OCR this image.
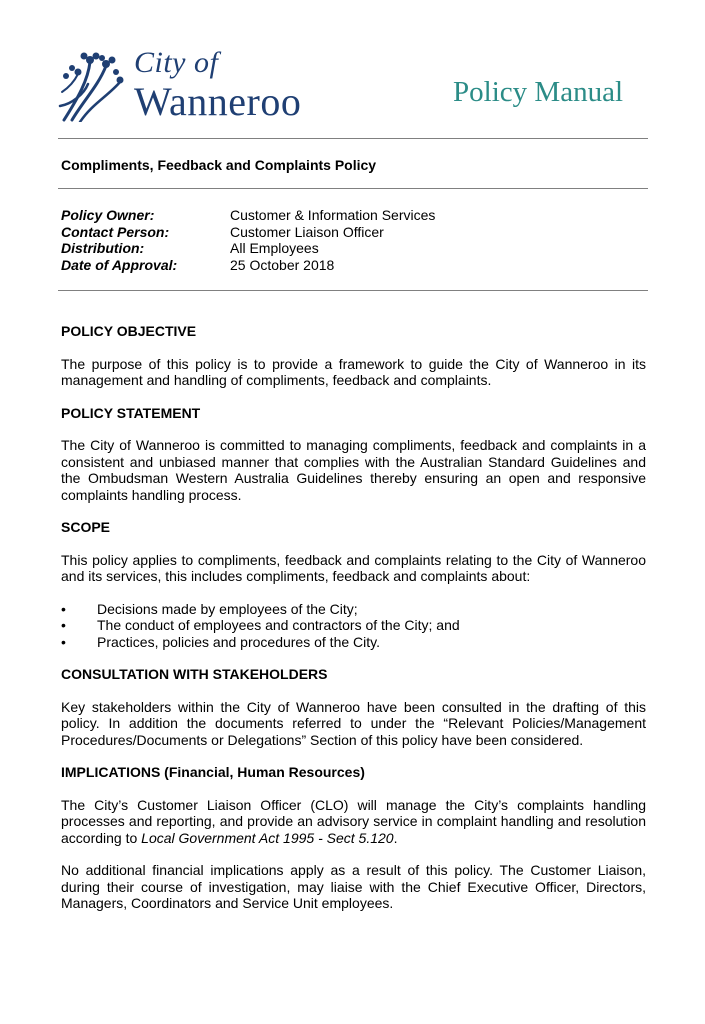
City of
Wanneroo	Policy Manual
Compliments, Feedback and Complaints Policy
Policy Owner:	Customer & Information Services
Contact Person:	Customer Liaison Officer
Distribution:	All Employees
Date of Approval:	25 October 2018
POLICY OBJECTIVE

The purpose of this policy is to provide a framework to guide the City of Wanneroo in its management and handling of compliments, feedback and complaints.

POLICY STATEMENT

The City of Wanneroo is committed to managing compliments, feedback and complaints in a consistent and unbiased manner that complies with the Australian Standard Guidelines and the Ombudsman Western Australia Guidelines thereby ensuring an open and responsive complaints handling process.

SCOPE

This policy applies to compliments, feedback and complaints relating to the City of Wanneroo and its services, this includes compliments, feedback and complaints about:

•	Decisions made by employees of the City;
•	The conduct of employees and contractors of the City; and
•	Practices, policies and procedures of the City.
CONSULTATION WITH STAKEHOLDERS

Key stakeholders within the City of Wanneroo have been consulted in the drafting of this policy. In addition the documents referred to under the “Relevant Policies/Management Procedures/Documents or Delegations” Section of this policy have been considered.

IMPLICATIONS (Financial, Human Resources)

The City’s Customer Liaison Officer (CLO) will manage the City’s complaints handling processes and reporting, and provide an advisory service in complaint handling and resolution according to Local Government Act 1995 - Sect 5.120.

No additional financial implications apply as a result of this policy. The Customer Liaison, during their course of investigation, may liaise with the Chief Executive Officer, Directors, Managers, Coordinators and Service Unit employees.
